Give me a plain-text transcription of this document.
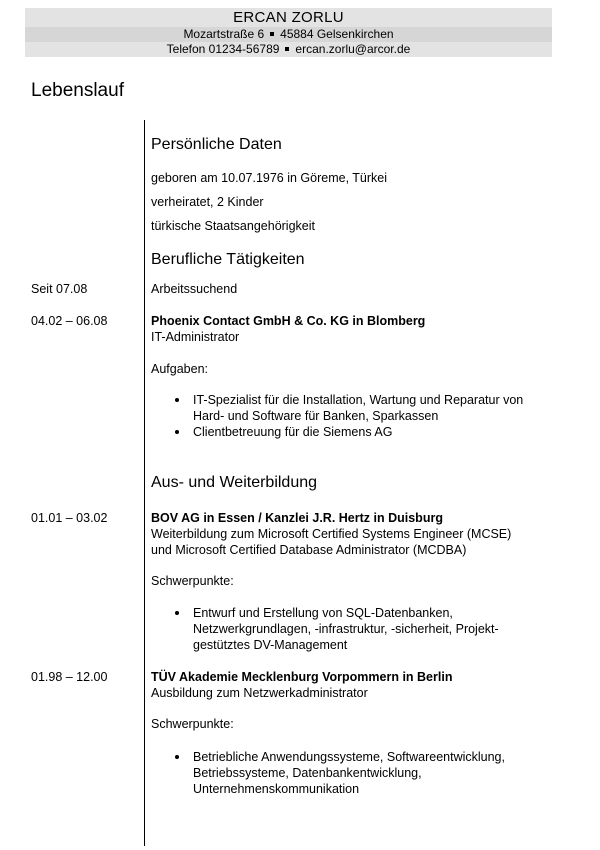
ERCAN ZORLU
Mozartstraße 6 45884 Gelsenkirchen
Telefon 01234-56789 ercan.zorlu@arcor.de
Lebenslauf
Persönliche Daten
geboren am 10.07.1976 in Göreme, Türkei
verheiratet, 2 Kinder
türkische Staatsangehörigkeit
Berufliche Tätigkeiten
Seit 07.08	Arbeitssuchend
04.02 – 06.08	Phoenix Contact GmbH & Co. KG in Blomberg
IT-Administrator
Aufgaben:
IT-Spezialist für die Installation, Wartung und Reparatur von
Hard- und Software für Banken, Sparkassen
Clientbetreuung für die Siemens AG
Aus- und Weiterbildung
01.01 – 03.02	BOV AG in Essen / Kanzlei J.R. Hertz in Duisburg
Weiterbildung zum Microsoft Certified Systems Engineer (MCSE)
und Microsoft Certified Database Administrator (MCDBA)
Schwerpunkte:
Entwurf und Erstellung von SQL-Datenbanken,
Netzwerkgrundlagen, -infrastruktur, -sicherheit, Projekt-
gestütztes DV-Management
01.98 – 12.00	TÜV Akademie Mecklenburg Vorpommern in Berlin
Ausbildung zum Netzwerkadministrator
Schwerpunkte:
Betriebliche Anwendungssysteme, Softwareentwicklung,
Betriebssysteme, Datenbankentwicklung,
Unternehmenskommunikation
